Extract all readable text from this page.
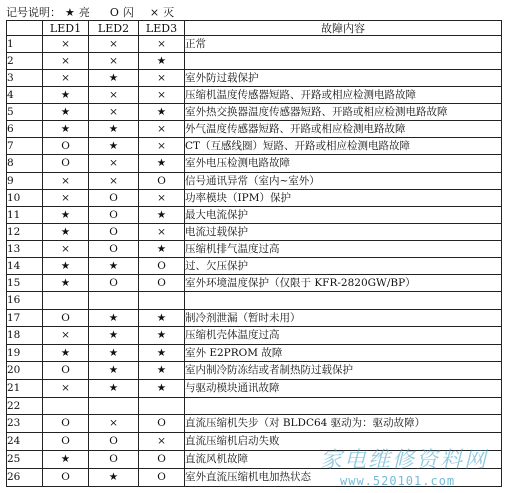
记号说明： ★ 亮 O 闪 × 灭
	LED1	LED2	LED3	故障内容
1	×	×	×	正常
2	×	×	★	
3	×	★	×	室外防过载保护
4	★	×	×	压缩机温度传感器短路、开路或相应检测电路故障
5	★	×	★	室外热交换器温度传感器短路、开路或相应检测电路故障
6	★	★	×	外气温度传感器短路、开路或相应检测电路故障
7	O	★	×	CT（互感线圈）短路、开路或相应检测电路故障
8	O	×	★	室外电压检测电路故障
9	×	×	O	信号通讯异常（室内~室外）
10	×	O	×	功率模块（IPM）保护
11	★	O	★	最大电流保护
12	★	O	×	电流过载保护
13	×	O	★	压缩机排气温度过高
14	★	★	O	过、欠压保护
15	★	O	O	室外环境温度保护（仅限于 KFR-2820GW/BP）
16				
17	O	★	★	制冷剂泄漏（暂时未用）
18	×	★	★	压缩机壳体温度过高
19	★	★	★	室外 E2PROM 故障
20	O	★	★	室内制冷防冻结或者制热防过载保护
21	×	★	★	与驱动模块通讯故障
22				
23	O	×	O	直流压缩机失步（对 BLDC64 驱动为：驱动故障）
24	O	O	×	直流压缩机启动失败
25	★	O	O	直流风机故障
26	O	★	O	室外直流压缩机电加热状态
家电维修资料网
www.520101.com
